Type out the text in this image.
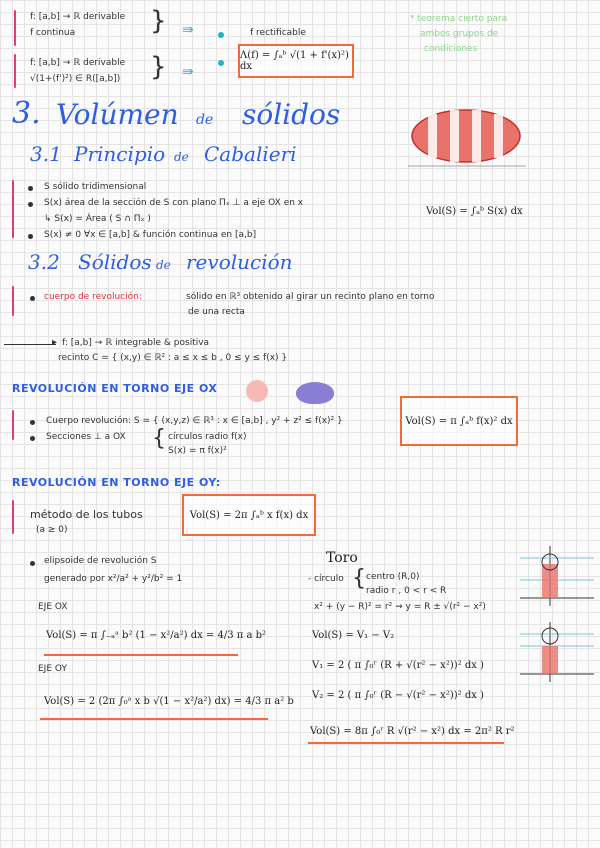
f: [a,b] → ℝ derivable
f continua	} ⇛	f rectificable
f: [a,b] → ℝ derivable
√(1+(f')²) ∈ R([a,b]) } ⇛
Λ(f) = ∫ₐᵇ √(1 + f'(x)²) dx
* teorema cierto para
ambos grupos de
condiciones
3. Volúmen de sólidos
3.1 Principio de Cabalieri
S sólido tridimensional
S(x) área de la sección de S con plano Πₓ ⊥ a eje OX en x
↳ S(x) = Área ( S ∩ Πₓ )
S(x) ≠ 0 ∀x ∈ [a,b] & función continua en [a,b]
Vol(S) = ∫ₐᵇ S(x) dx
3.2 Sólidos de revolución
cuerpo de revolución:	sólido en ℝ³ obtenido al girar un recinto plano en torno
de una recta
▸ f: [a,b] → ℝ integrable & positiva
recinto C = { (x,y) ∈ ℝ² : a ≤ x ≤ b , 0 ≤ y ≤ f(x) }
REVOLUCIÓN EN TORNO EJE OX
Cuerpo revolución: S = { (x,y,z) ∈ ℝ³ : x ∈ [a,b] , y² + z² ≤ f(x)² }
Secciones ⊥ a OX { círculos radio f(x)
S(x) = π f(x)²
Vol(S) = π ∫ₐᵇ f(x)² dx
REVOLUCIÓN EN TORNO EJE OY:
método de los tubos
(a ≥ 0)
Vol(S) = 2π ∫ₐᵇ x f(x) dx
elipsoide de revolución S
generado por x²/a² + y²/b² = 1
EJE OX
Vol(S) = π ∫₋ₐᵃ b² (1 − x²/a²) dx = 4/3 π a b²
EJE OY
Vol(S) = 2 (2π ∫₀ᵃ x b √(1 − x²/a²) dx) = 4/3 π a² b
Toro
- círculo { centro (R,0)
radio r , 0 < r < R
x² + (y − R)² = r² ⇝ y = R ± √(r² − x²)
Vol(S) = V₁ − V₂
V₁ = 2 ( π ∫₀ʳ (R + √(r² − x²))² dx )
V₂ = 2 ( π ∫₀ʳ (R − √(r² − x²))² dx )
Vol(S) = 8π ∫₀ʳ R √(r² − x²) dx = 2π² R r²
